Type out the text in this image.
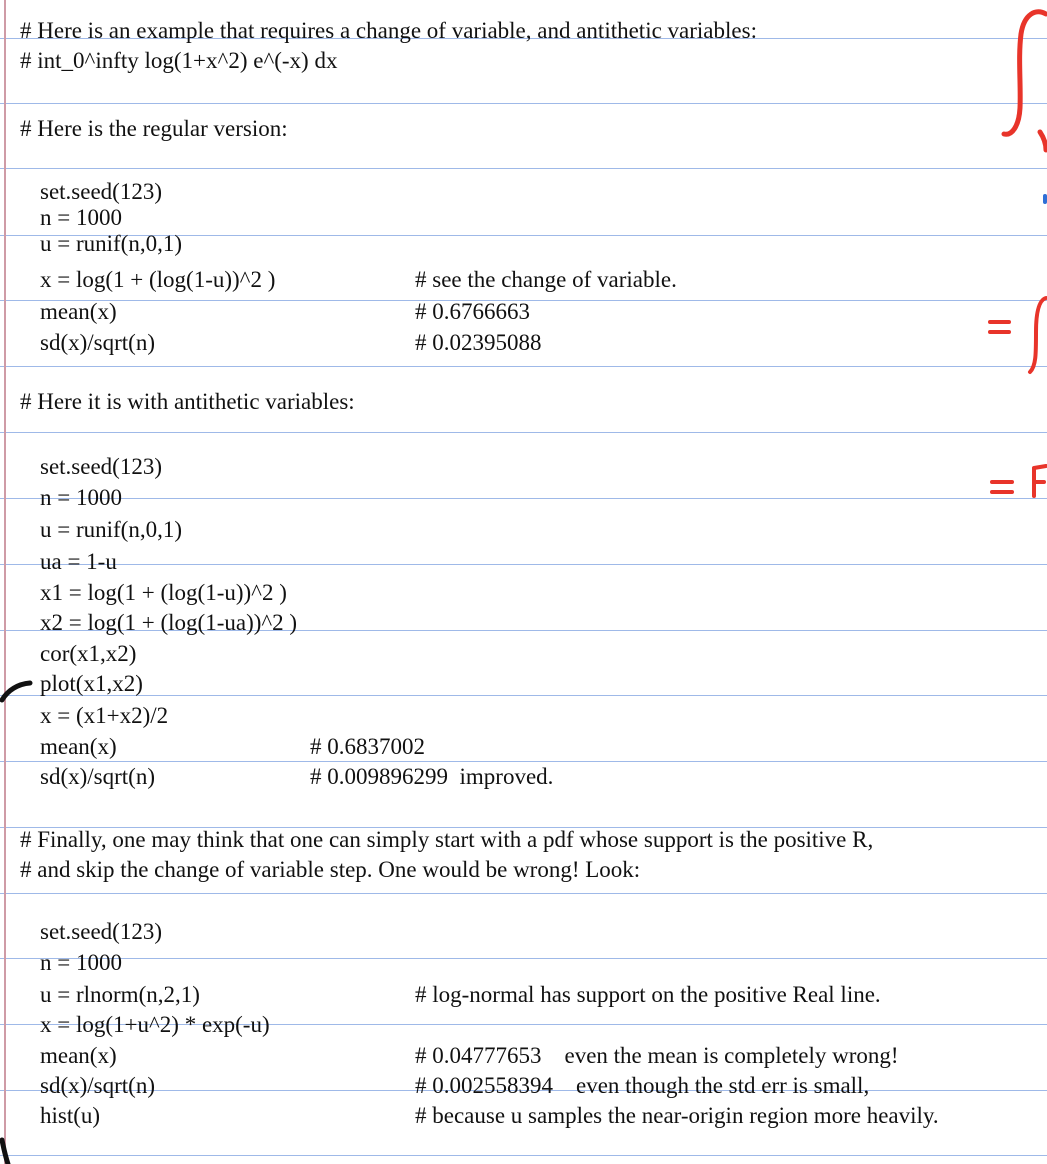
# Here is an example that requires a change of variable, and antithetic variables:
# int_0^infty log(1+x^2) e^(-x) dx
# Here is the regular version:
set.seed(123)
n = 1000
u = runif(n,0,1)
x = log(1 + (log(1-u))^2 )	# see the change of variable.
mean(x)	# 0.6766663
sd(x)/sqrt(n)	# 0.02395088
# Here it is with antithetic variables:
set.seed(123)
n = 1000
u = runif(n,0,1)
ua = 1-u
x1 = log(1 + (log(1-u))^2 )
x2 = log(1 + (log(1-ua))^2 )
cor(x1,x2)
plot(x1,x2)
x = (x1+x2)/2
mean(x)	# 0.6837002
sd(x)/sqrt(n)	# 0.009896299  improved.
# Finally, one may think that one can simply start with a pdf whose support is the positive R,
# and skip the change of variable step. One would be wrong! Look:
set.seed(123)
n = 1000
u = rlnorm(n,2,1)	# log-normal has support on the positive Real line.
x = log(1+u^2) * exp(-u)
mean(x)	# 0.04777653    even the mean is completely wrong!
sd(x)/sqrt(n)	# 0.002558394    even though the std err is small,
hist(u)	# because u samples the near-origin region more heavily.
